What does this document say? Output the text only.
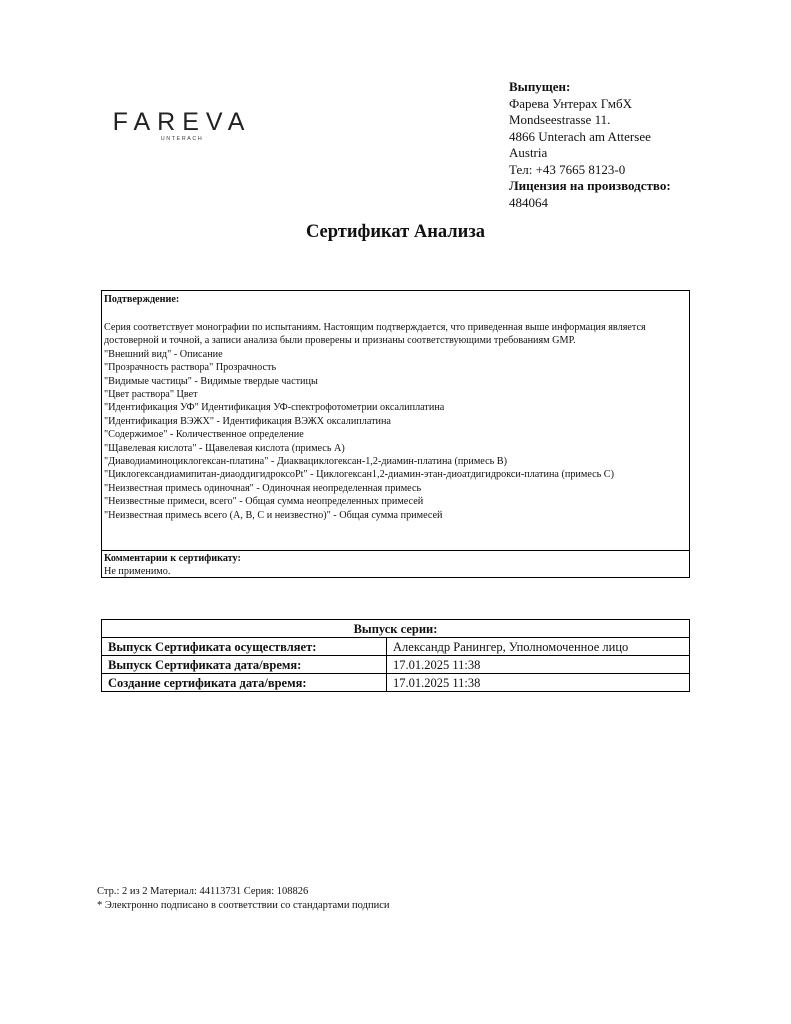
FAREVA
UNTERACH
Выпущен:
Фарева Унтерах ГмбХ
Mondseestrasse 11.
4866 Unterach am Attersee
Austria
Тел: +43 7665 8123-0
Лицензия на производство:
484064
Сертификат Анализа
Подтверждение:
Серия соответствует монографии по испытаниям. Настоящим подтверждается, что приведенная выше информация является достоверной и точной, а записи анализа были проверены и признаны соответствующими требованиям GMP.
"Внешний вид" - Описание
"Прозрачность раствора" Прозрачность
"Видимые частицы" - Видимые твердые частицы
"Цвет раствора" Цвет
"Идентификация УФ" Идентификация УФ-спектрофотометрии оксалиплатина
"Идентификация ВЭЖХ" - Идентификация ВЭЖХ оксалиплатина
"Содержимое" - Количественное определение
"Щавелевая кислота" - Щавелевая кислота (примесь А)
"Диаводиаминоциклогексан-платина" - Диаквациклогексан-1,2-диамин-платина (примесь В)
"Циклогександиамипитан-диаоддигидроксоPt" - Циклогексан1,2-диамин-этан-диоатдигидрокси-платина (примесь С)
"Неизвестная примесь одиночная" - Одиночная неопределенная примесь
"Неизвестные примеси, всего" - Общая сумма неопределенных примесей
"Неизвестная примесь всего (А, В, С и неизвестно)" - Общая сумма примесей
Комментарии к сертификату:
Не применимо.
Выпуск серии:	
Выпуск Сертификата осуществляет:	Александр Ранингер, Уполномоченное лицо
Выпуск Сертификата дата/время:	17.01.2025 11:38
Создание сертификата дата/время:	17.01.2025 11:38
Стр.: 2 из 2 Материал: 44113731 Серия: 108826
* Электронно подписано в соответствии со стандартами подписи
